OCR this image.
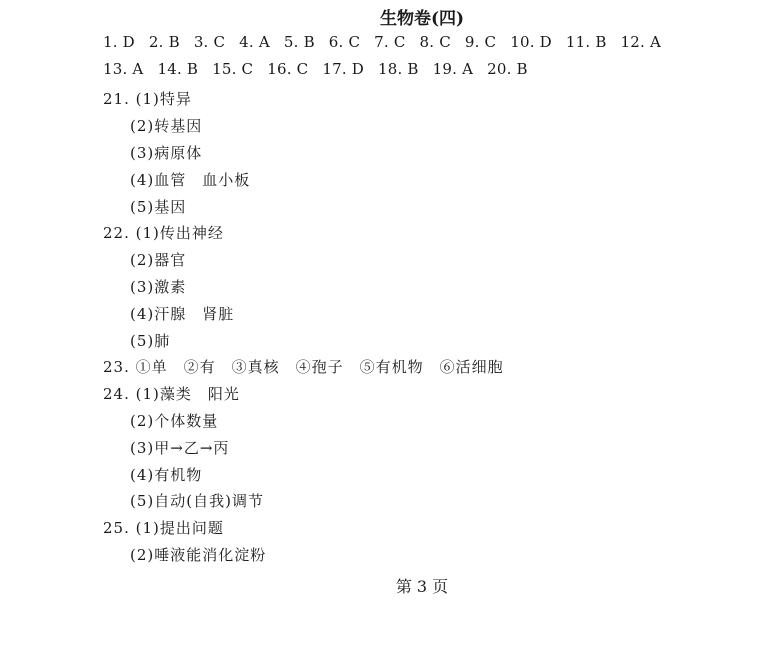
生物卷(四)
1. D 2. B 3. C 4. A 5. B 6. C 7. C 8. C 9. C 10. D 11. B 12. A
13. A 14. B 15. C 16. C 17. D 18. B 19. A 20. B
21. (1)特异
(2)转基因
(3)病原体
(4)血管　血小板
(5)基因
22. (1)传出神经
(2)器官
(3)激素
(4)汗腺　肾脏
(5)肺
23. ①单　②有　③真核　④孢子　⑤有机物　⑥活细胞
24. (1)藻类　阳光
(2)个体数量
(3)甲→乙→丙
(4)有机物
(5)自动(自我)调节
25. (1)提出问题
(2)唾液能消化淀粉
第 3 页
